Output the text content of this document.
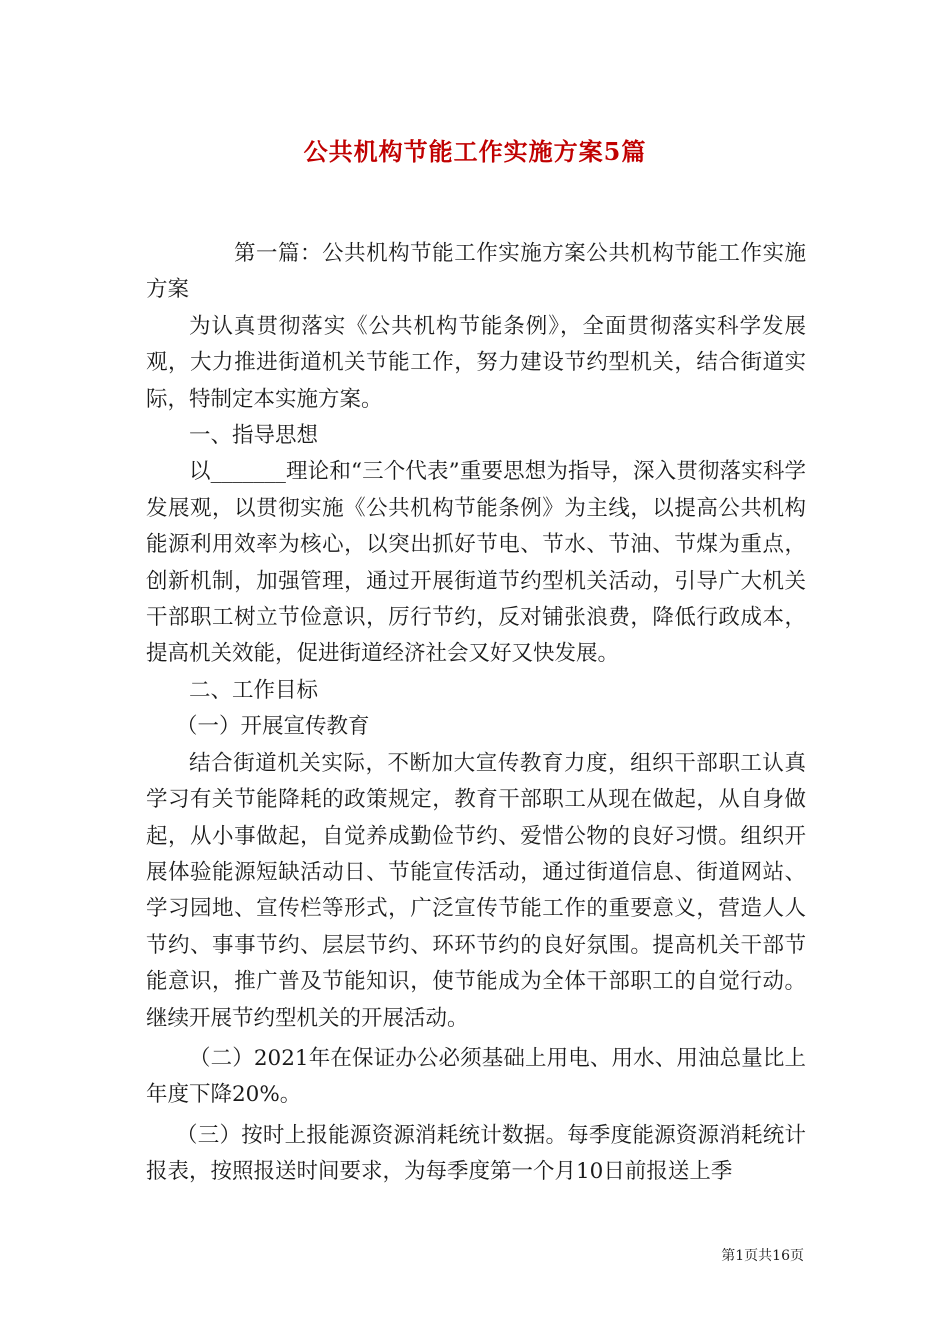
公共机构节能工作实施方案5篇

第一篇：公共机构节能工作实施方案公共机构节能工作实施方案

为认真贯彻落实《公共机构节能条例》，全面贯彻落实科学发展观，大力推进街道机关节能工作，努力建设节约型机关，结合街道实际，特制定本实施方案。

一、指导思想

以_______理论和“三个代表”重要思想为指导，深入贯彻落实科学发展观，以贯彻实施《公共机构节能条例》为主线，以提高公共机构能源利用效率为核心，以突出抓好节电、节水、节油、节煤为重点，创新机制，加强管理，通过开展街道节约型机关活动，引导广大机关干部职工树立节俭意识，厉行节约，反对铺张浪费，降低行政成本，提高机关效能，促进街道经济社会又好又快发展。

二、工作目标

（一）开展宣传教育

结合街道机关实际，不断加大宣传教育力度，组织干部职工认真学习有关节能降耗的政策规定，教育干部职工从现在做起，从自身做起，从小事做起，自觉养成勤俭节约、爱惜公物的良好习惯。组织开展体验能源短缺活动日、节能宣传活动，通过街道信息、街道网站、学习园地、宣传栏等形式，广泛宣传节能工作的重要意义，营造人人节约、事事节约、层层节约、环环节约的良好氛围。提高机关干部节能意识，推广普及节能知识，使节能成为全体干部职工的自觉行动。继续开展节约型机关的开展活动。

（二）2021年在保证办公必须基础上用电、用水、用油总量比上年度下降20%。

（三）按时上报能源资源消耗统计数据。每季度能源资源消耗统计报表，按照报送时间要求，为每季度第一个月10日前报送上季

第1页共16页
